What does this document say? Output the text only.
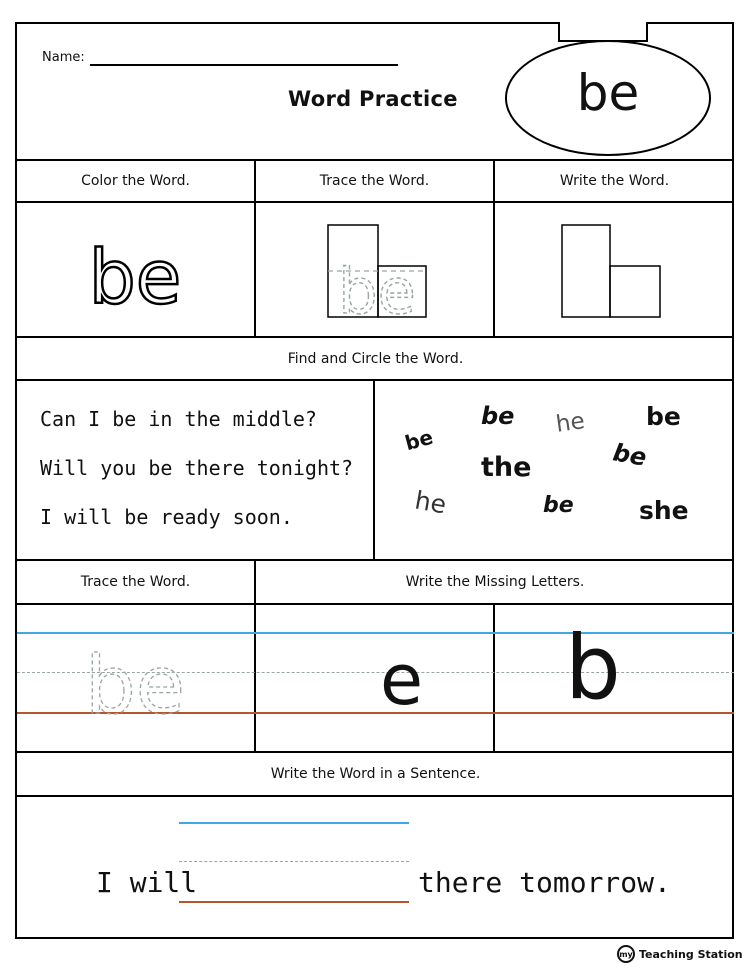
Name:
Word Practice be
Color the Word.	Trace the Word.	Write the Word.
be	be
Find and Circle the Word.
Can I be in the middle?
Will you be there tonight?
I will be ready soon.
be he be
be
the	be
he	be	she
Trace the Word.	Write the Missing Letters.
be	e b
Write the Word in a Sentence.
I will	there tomorrow.
my Teaching Station
